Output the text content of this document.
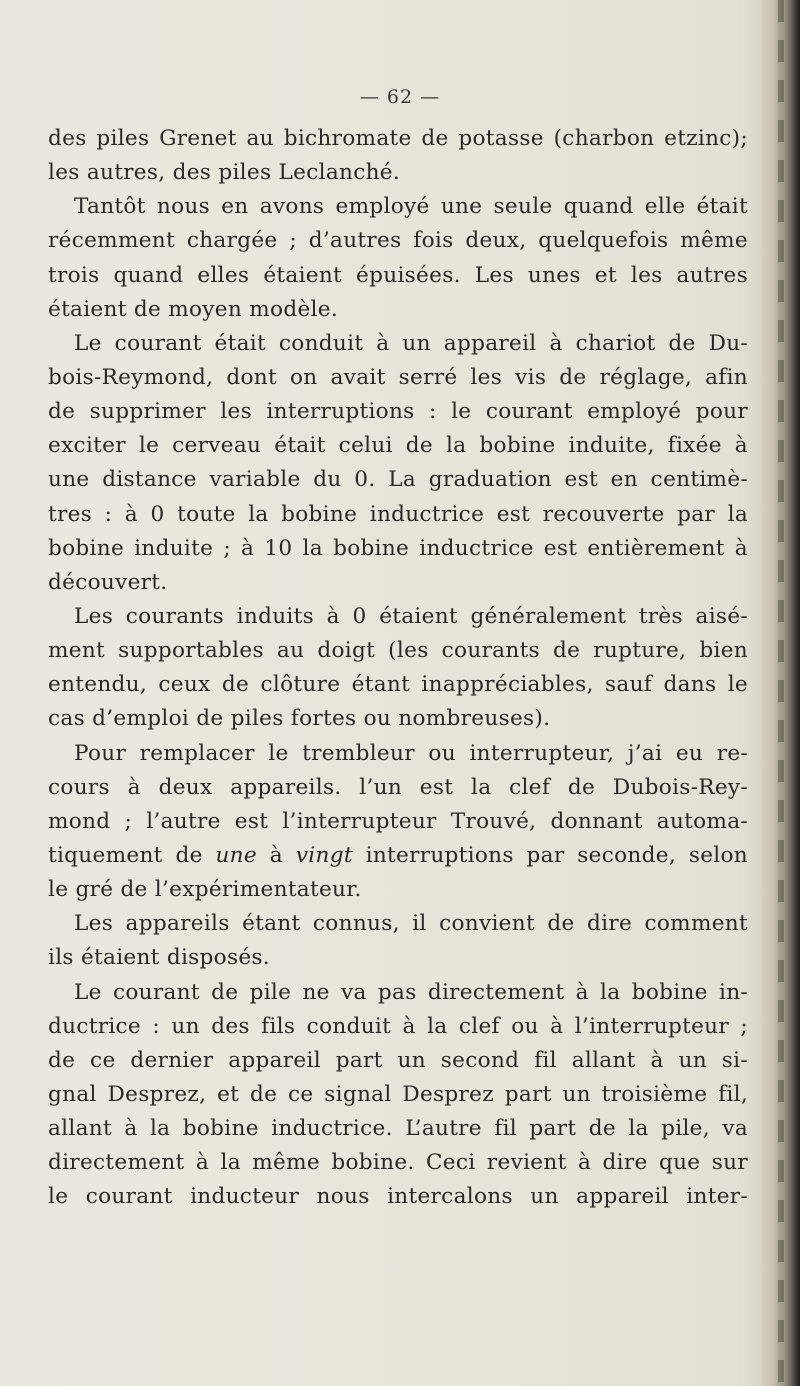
— 62 —
des piles Grenet au bichromate de potasse (charbon etzinc);
les autres, des piles Leclanché.
Tantôt nous en avons employé une seule quand elle était
récemment chargée ; d’autres fois deux, quelquefois même
trois quand elles étaient épuisées. Les unes et les autres
étaient de moyen modèle.
Le courant était conduit à un appareil à chariot de Du-
bois-Reymond, dont on avait serré les vis de réglage, afin
de supprimer les interruptions : le courant employé pour
exciter le cerveau était celui de la bobine induite, fixée à
une distance variable du 0. La graduation est en centimè-
tres : à 0 toute la bobine inductrice est recouverte par la
bobine induite ; à 10 la bobine inductrice est entièrement à
découvert.
Les courants induits à 0 étaient généralement très aisé-
ment supportables au doigt (les courants de rupture, bien
entendu, ceux de clôture étant inappréciables, sauf dans le
cas d’emploi de piles fortes ou nombreuses).
Pour remplacer le trembleur ou interrupteur, j’ai eu re-
cours à deux appareils. l’un est la clef de Dubois-Rey-
mond ; l’autre est l’interrupteur Trouvé, donnant automa-
tiquement de une à vingt interruptions par seconde, selon
le gré de l’expérimentateur.
Les appareils étant connus, il convient de dire comment
ils étaient disposés.
Le courant de pile ne va pas directement à la bobine in-
ductrice : un des fils conduit à la clef ou à l’interrupteur ;
de ce dernier appareil part un second fil allant à un si-
gnal Desprez, et de ce signal Desprez part un troisième fil,
allant à la bobine inductrice. L’autre fil part de la pile, va
directement à la même bobine. Ceci revient à dire que sur
le courant inducteur nous intercalons un appareil inter-
